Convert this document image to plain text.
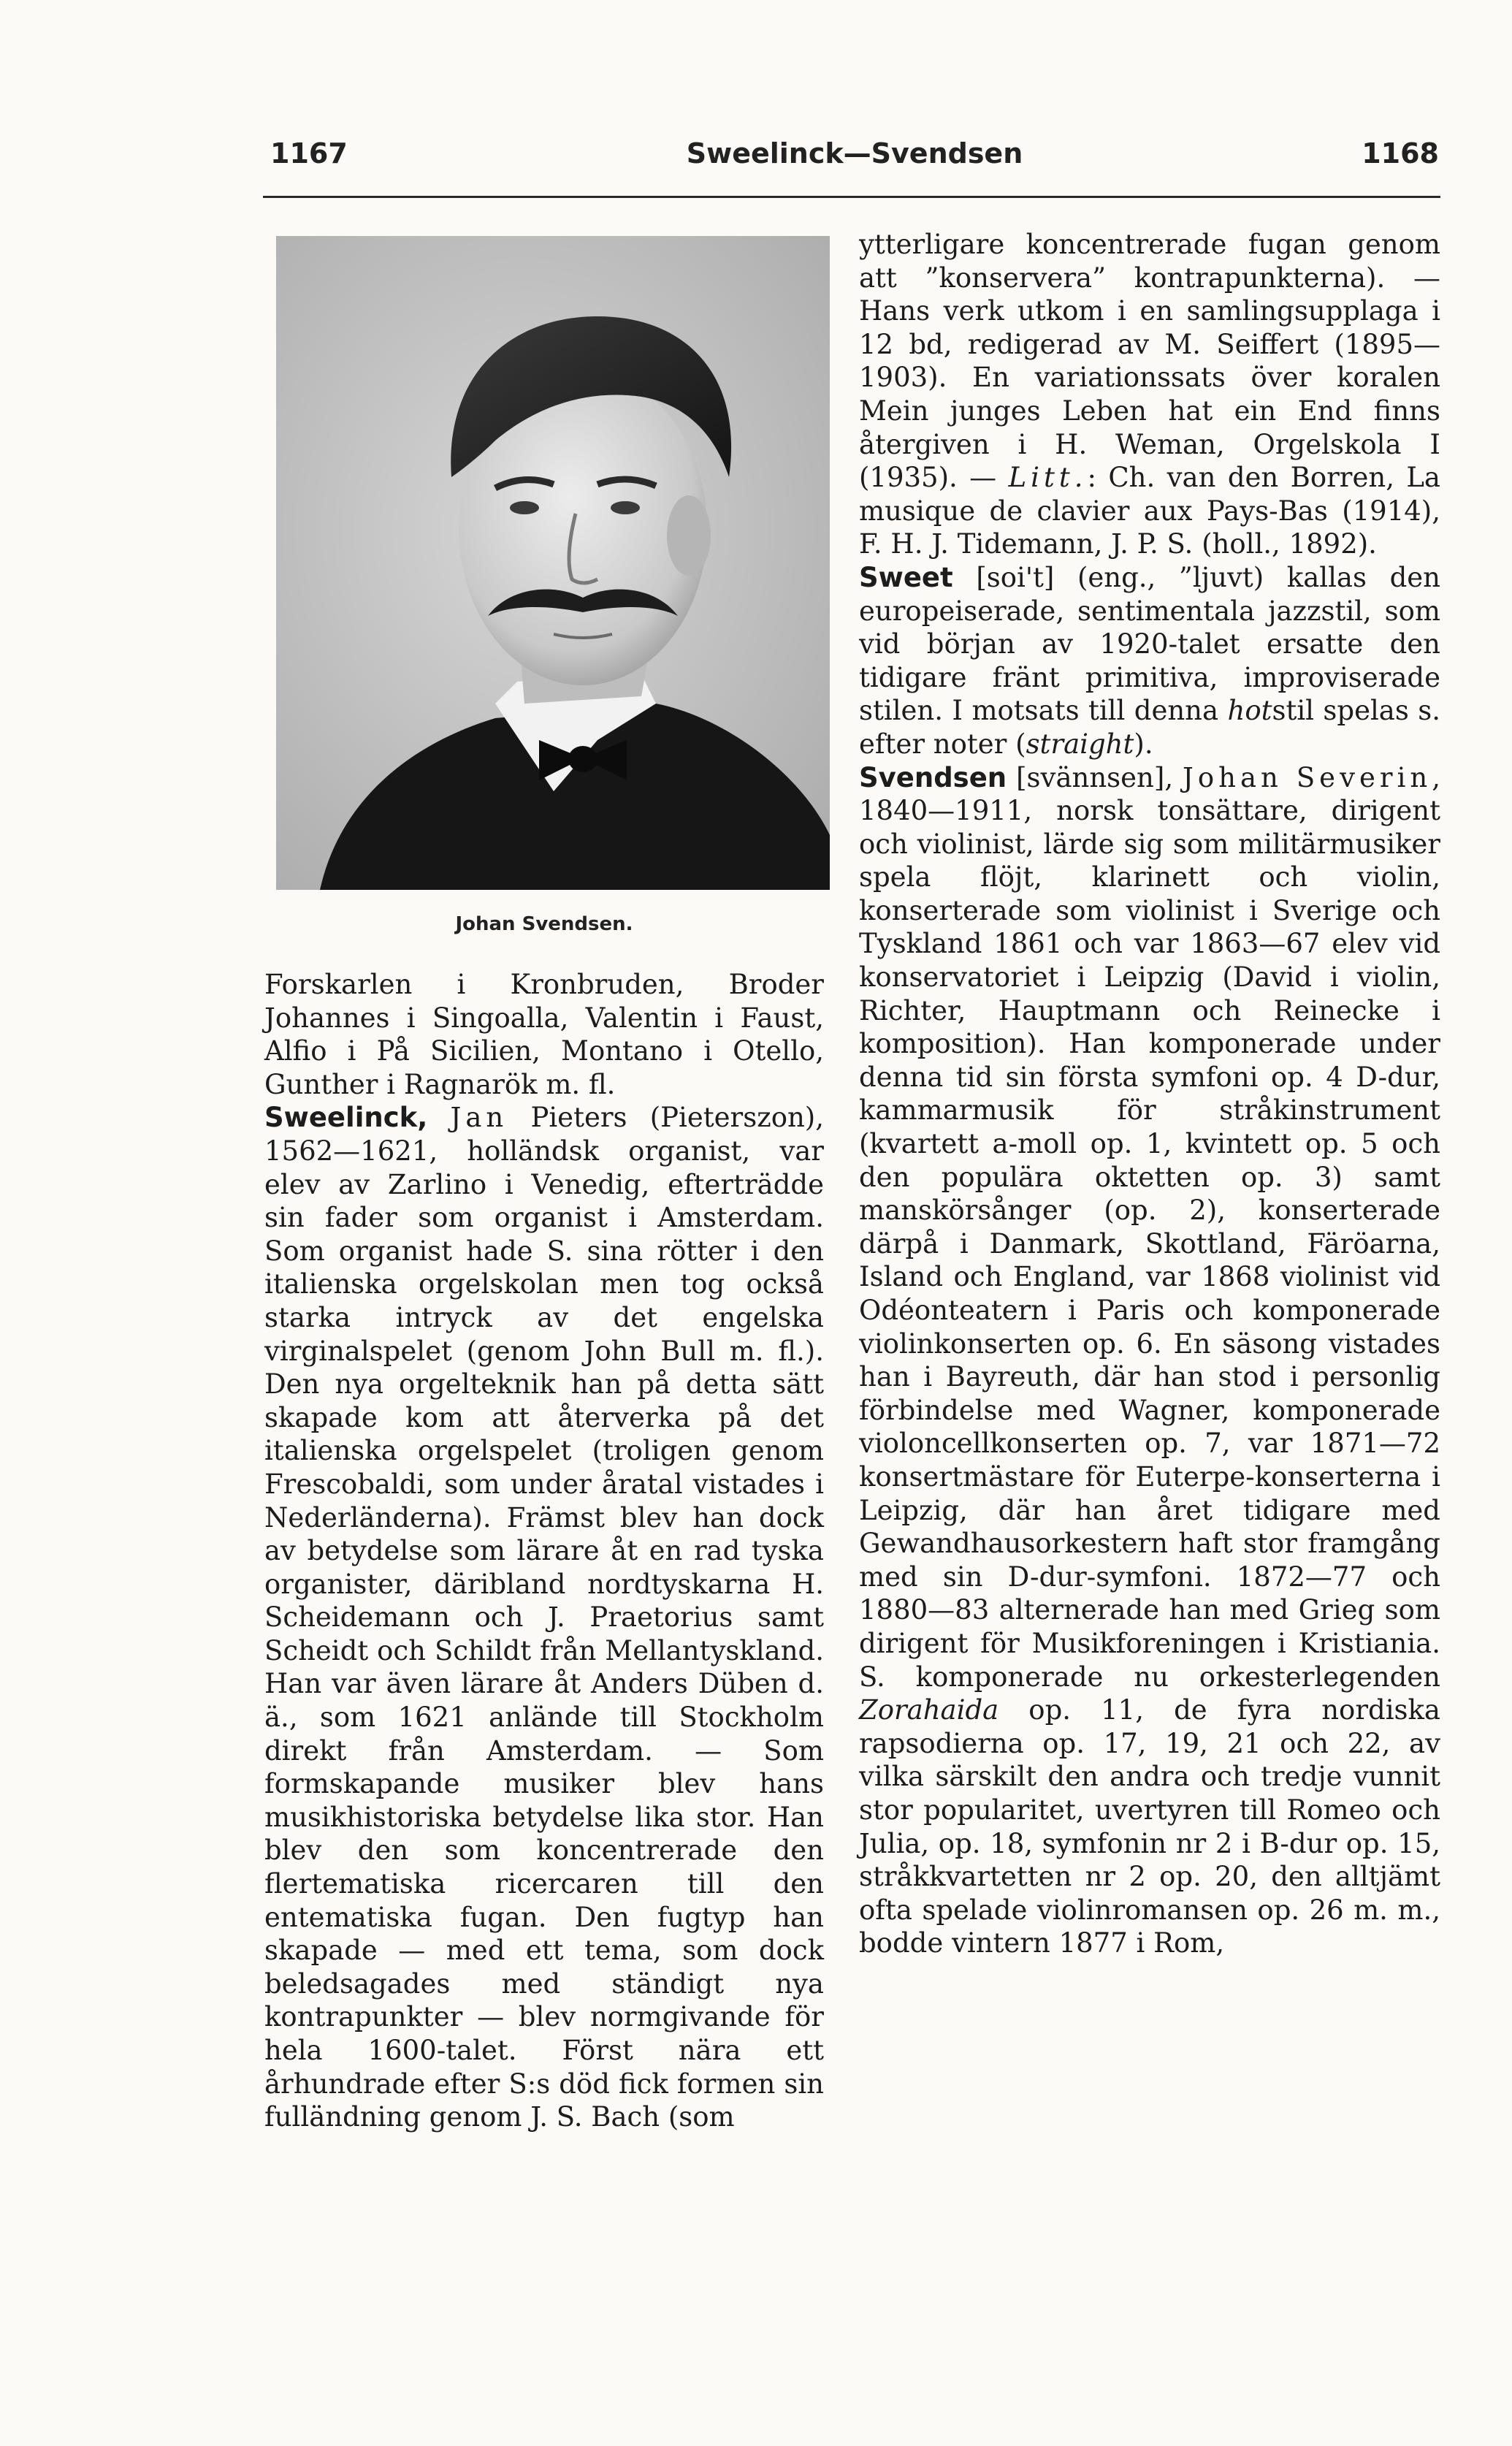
1167	Sweelinck—Svendsen	1168
Johan Svendsen.

Forskarlen i Kronbruden, Broder Johannes i Singoalla, Valentin i Faust, Alfio i På Sicilien, Montano i Otello, Gunther i Ragnarök m. fl.

Sweelinck, Jan Pieters (Pieterszon), 1562—1621, holländsk organist, var elev av Zarlino i Venedig, efterträdde sin fader som organist i Amsterdam. Som organist hade S. sina rötter i den italienska orgelskolan men tog också starka intryck av det engelska virginalspelet (genom John Bull m. fl.). Den nya orgelteknik han på detta sätt skapade kom att återverka på det italienska orgelspelet (troligen genom Frescobaldi, som under åratal vistades i Nederländerna). Främst blev han dock av betydelse som lärare åt en rad tyska organister, däribland nordtyskarna H. Scheidemann och J. Praetorius samt Scheidt och Schildt från Mellantyskland. Han var även lärare åt Anders Düben d. ä., som 1621 anlände till Stockholm direkt från Amsterdam. — Som formskapande musiker blev hans musikhistoriska betydelse lika stor. Han blev den som koncentrerade den flertematiska ricercaren till den entematiska fugan. Den fugtyp han skapade — med ett tema, som dock beledsagades med ständigt nya kontrapunkter — blev normgivande för hela 1600-talet. Först nära ett århundrade efter S:s död fick formen sin fulländning genom J. S. Bach (som

ytterligare koncentrerade fugan genom att ”konservera” kontrapunkterna). — Hans verk utkom i en samlingsupplaga i 12 bd, redigerad av M. Seiffert (1895—1903). En variationssats över koralen Mein junges Leben hat ein End finns återgiven i H. Weman, Orgelskola I (1935). — Litt.: Ch. van den Borren, La musique de clavier aux Pays-Bas (1914), F. H. J. Tidemann, J. P. S. (holl., 1892).

Sweet [soi't] (eng., ”ljuvt) kallas den europeiserade, sentimentala jazzstil, som vid början av 1920-talet ersatte den tidigare fränt primitiva, improviserade stilen. I motsats till denna hotstil spelas s. efter noter (straight).

Svendsen [svännsen], Johan Severin, 1840—1911, norsk tonsättare, dirigent och violinist, lärde sig som militärmusiker spela flöjt, klarinett och violin, konserterade som violinist i Sverige och Tyskland 1861 och var 1863—67 elev vid konservatoriet i Leipzig (David i violin, Richter, Hauptmann och Reinecke i komposition). Han komponerade under denna tid sin första symfoni op. 4 D-dur, kammarmusik för stråkinstrument (kvartett a-moll op. 1, kvintett op. 5 och den populära oktetten op. 3) samt manskörsånger (op. 2), konserterade därpå i Danmark, Skottland, Färöarna, Island och England, var 1868 violinist vid Odéonteatern i Paris och komponerade violinkonserten op. 6. En säsong vistades han i Bayreuth, där han stod i personlig förbindelse med Wagner, komponerade violoncellkonserten op. 7, var 1871—72 konsertmästare för Euterpe-konserterna i Leipzig, där han året tidigare med Gewandhausorkestern haft stor framgång med sin D-dur-symfoni. 1872—77 och 1880—83 alternerade han med Grieg som dirigent för Musikforeningen i Kristiania. S. komponerade nu orkesterlegenden Zorahaida op. 11, de fyra nordiska rapsodierna op. 17, 19, 21 och 22, av vilka särskilt den andra och tredje vunnit stor popularitet, uvertyren till Romeo och Julia, op. 18, symfonin nr 2 i B-dur op. 15, stråkkvartetten nr 2 op. 20, den alltjämt ofta spelade violinromansen op. 26 m. m., bodde vintern 1877 i Rom,
